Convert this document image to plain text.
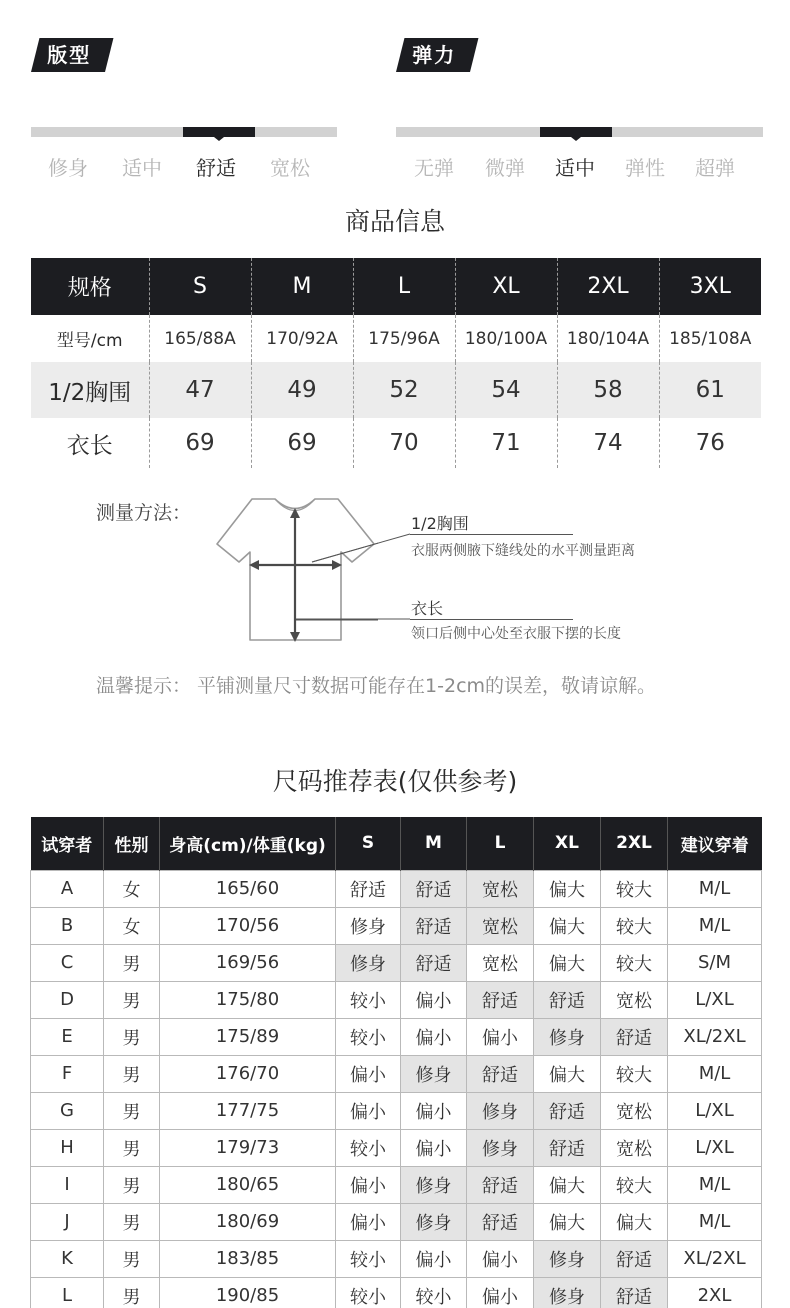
版型
修身 适中 舒适 宽松
弹力
无弹 微弹 适中 弹性 超弹
商品信息
规格	S	M	L	XL	2XL	3XL
型号/cm	165/88A	170/92A	175/96A	180/100A	180/104A	185/108A
1/2胸围	47	49	52	54	58	61
衣长	69	69	70	71	74	76
测量方法：	1/2胸围
衣服两侧腋下缝线处的水平测量距离
衣长
领口后侧中心处至衣服下摆的长度
温馨提示： 平铺测量尺寸数据可能存在1-2cm的误差，敬请谅解。
尺码推荐表(仅供参考)
试穿者	性别	身高(cm)/体重(kg)	S	M	L	XL	2XL	建议穿着
A	女	165/60	舒适	舒适	宽松	偏大	较大	M/L
B	女	170/56	修身	舒适	宽松	偏大	较大	M/L
C	男	169/56	修身	舒适	宽松	偏大	较大	S/M
D	男	175/80	较小	偏小	舒适	舒适	宽松	L/XL
E	男	175/89	较小	偏小	偏小	修身	舒适	XL/2XL
F	男	176/70	偏小	修身	舒适	偏大	较大	M/L
G	男	177/75	偏小	偏小	修身	舒适	宽松	L/XL
H	男	179/73	较小	偏小	修身	舒适	宽松	L/XL
I	男	180/65	偏小	修身	舒适	偏大	较大	M/L
J	男	180/69	偏小	修身	舒适	偏大	偏大	M/L
K	男	183/85	较小	偏小	偏小	修身	舒适	XL/2XL
L	男	190/85	较小	较小	偏小	修身	舒适	2XL
